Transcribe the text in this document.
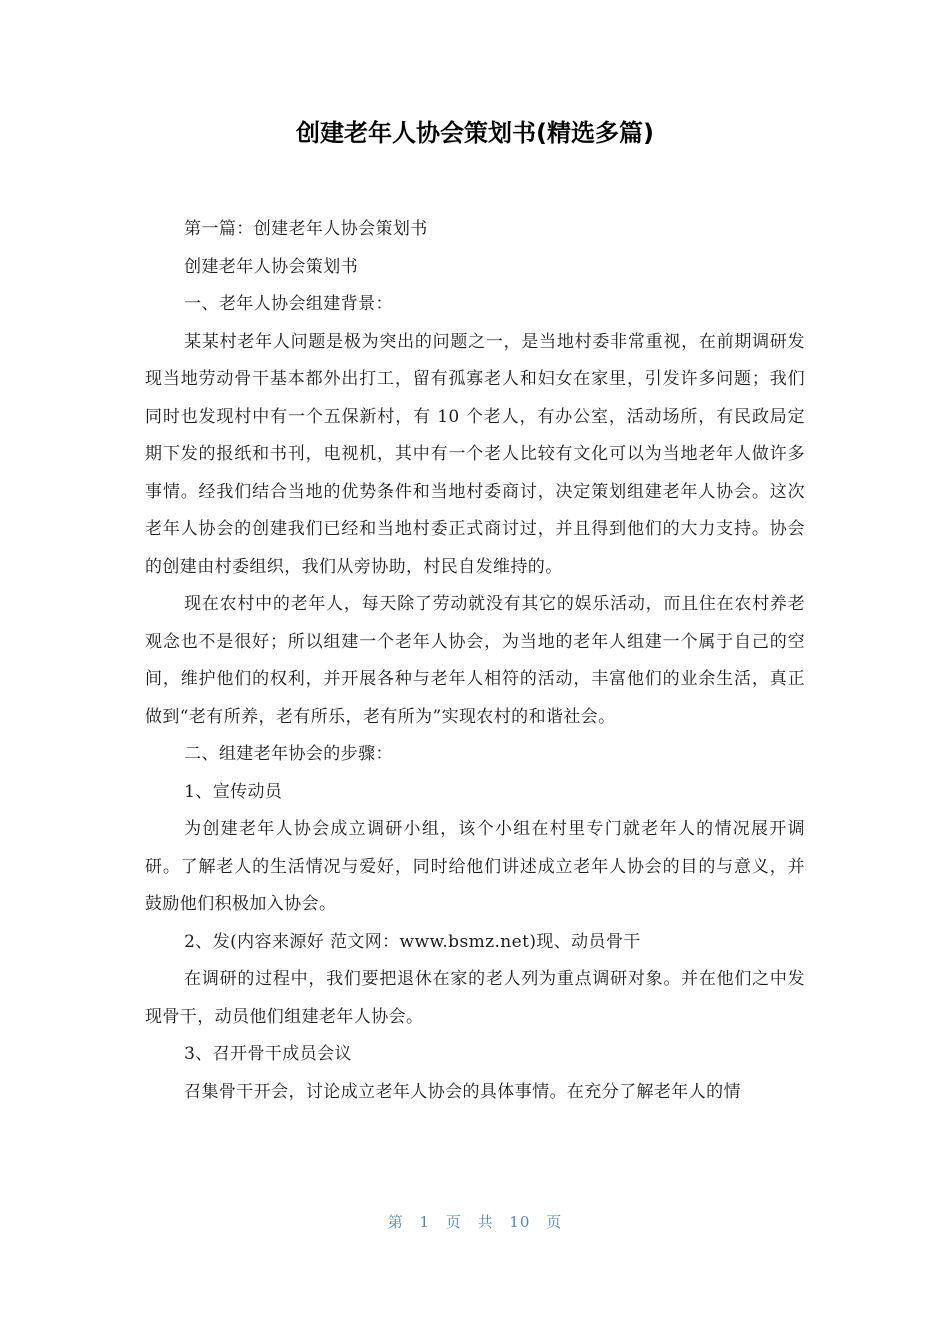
创建老年人协会策划书(精选多篇)

第一篇：创建老年人协会策划书

创建老年人协会策划书

一、老年人协会组建背景：

某某村老年人问题是极为突出的问题之一，是当地村委非常重视，在前期调研发现当地劳动骨干基本都外出打工，留有孤寡老人和妇女在家里，引发许多问题；我们同时也发现村中有一个五保新村，有 10 个老人，有办公室，活动场所，有民政局定期下发的报纸和书刊，电视机，其中有一个老人比较有文化可以为当地老年人做许多事情。经我们结合当地的优势条件和当地村委商讨，决定策划组建老年人协会。这次老年人协会的创建我们已经和当地村委正式商讨过，并且得到他们的大力支持。协会的创建由村委组织，我们从旁协助，村民自发维持的。

现在农村中的老年人，每天除了劳动就没有其它的娱乐活动，而且住在农村养老观念也不是很好；所以组建一个老年人协会，为当地的老年人组建一个属于自己的空间，维护他们的权利，并开展各种与老年人相符的活动，丰富他们的业余生活，真正做到“老有所养，老有所乐，老有所为”实现农村的和谐社会。

二、组建老年协会的步骤：

1、宣传动员

为创建老年人协会成立调研小组，该个小组在村里专门就老年人的情况展开调研。了解老人的生活情况与爱好，同时给他们讲述成立老年人协会的目的与意义，并鼓励他们积极加入协会。

2、发(内容来源好 范文网：www.bsmz.net)现、动员骨干

在调研的过程中，我们要把退休在家的老人列为重点调研对象。并在他们之中发现骨干，动员他们组建老年人协会。

3、召开骨干成员会议

召集骨干开会，讨论成立老年人协会的具体事情。在充分了解老年人的情

第 1 页 共 10 页
